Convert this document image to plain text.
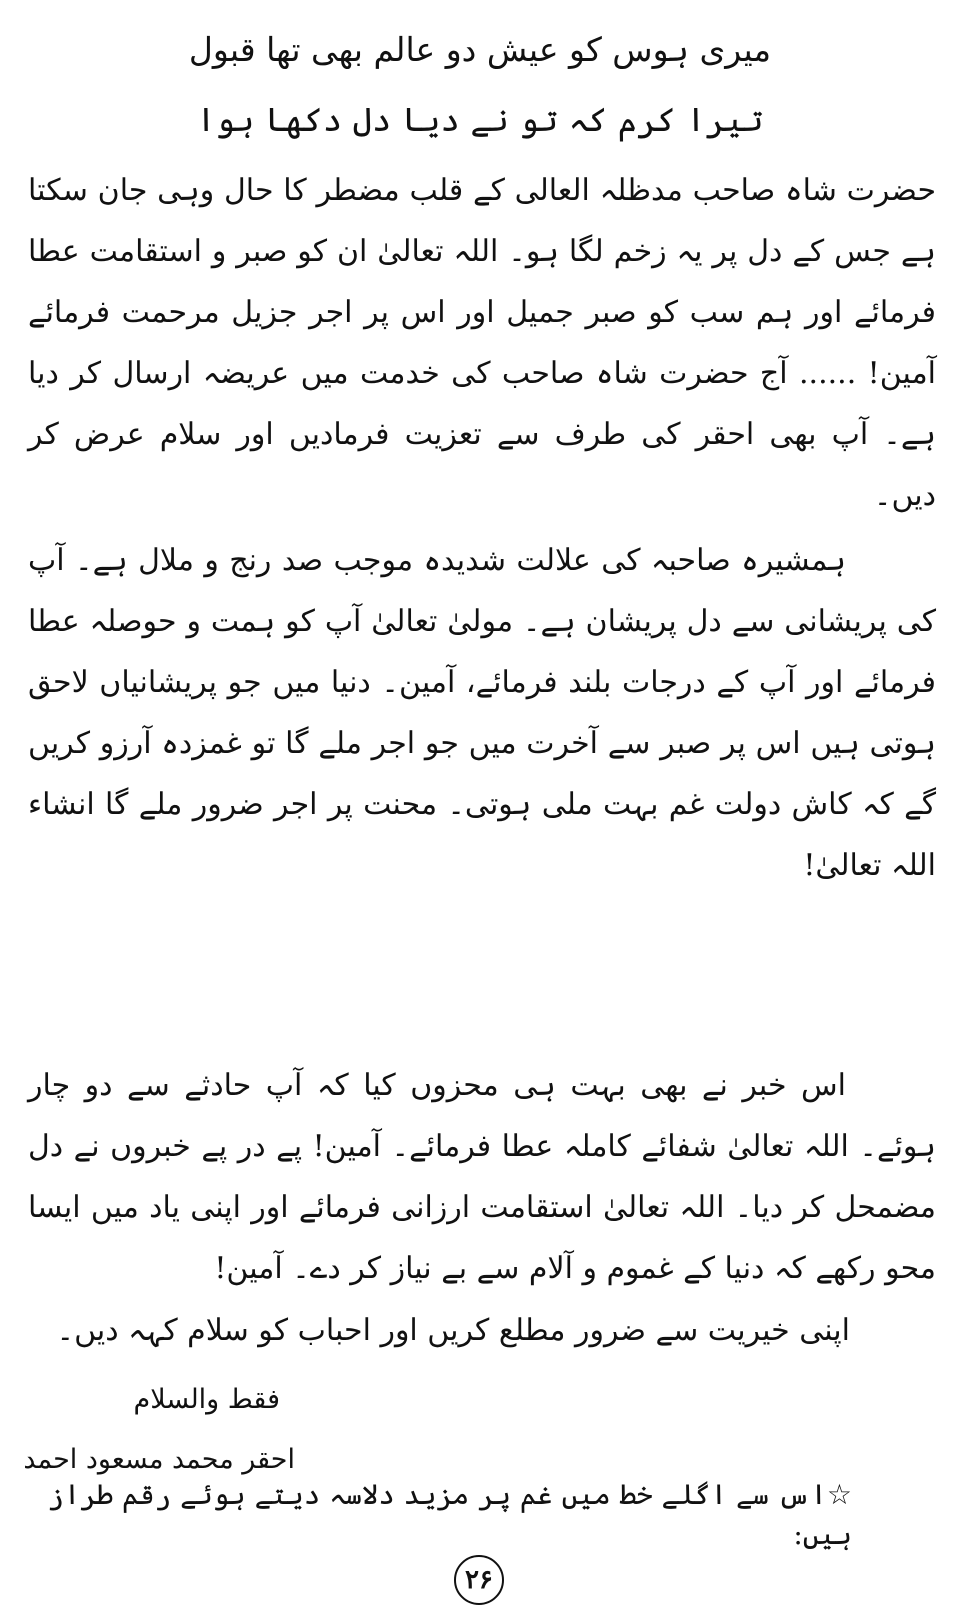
میری ہوس کو عیش دو عالم بھی تھا قبول
تیرا کرم کہ تو نے دیا دل دکھا ہوا
حضرت شاہ صاحب مدظلہ العالی کے قلب مضطر کا حال وہی جان سکتا ہے جس کے دل پر یہ زخم لگا ہو۔ اللہ تعالیٰ ان کو صبر و استقامت عطا فرمائے اور ہم سب کو صبر جمیل اور اس پر اجر جزیل مرحمت فرمائے آمین! ...... آج حضرت شاہ صاحب کی خدمت میں عریضہ ارسال کر دیا ہے۔ آپ بھی احقر کی طرف سے تعزیت فرمادیں اور سلام عرض کر دیں۔
ہمشیرہ صاحبہ کی علالت شدیدہ موجب صد رنج و ملال ہے۔ آپ کی پریشانی سے دل پریشان ہے۔ مولیٰ تعالیٰ آپ کو ہمت و حوصلہ عطا فرمائے اور آپ کے درجات بلند فرمائے، آمین۔ دنیا میں جو پریشانیاں لاحق ہوتی ہیں اس پر صبر سے آخرت میں جو اجر ملے گا تو غمزدہ آرزو کریں گے کہ کاش دولت غم بہت ملی ہوتی۔ محنت پر اجر ضرور ملے گا انشاء اللہ تعالیٰ!
اس خبر نے بھی بہت ہی محزوں کیا کہ آپ حادثے سے دو چار ہوئے۔ اللہ تعالیٰ شفائے کاملہ عطا فرمائے۔ آمین! پے در پے خبروں نے دل مضمحل کر دیا۔ اللہ تعالیٰ استقامت ارزانی فرمائے اور اپنی یاد میں ایسا محو رکھے کہ دنیا کے غموم و آلام سے بے نیاز کر دے۔ آمین!
اپنی خیریت سے ضرور مطلع کریں اور احباب کو سلام کہہ دیں۔
فقط والسلام
احقر محمد مسعود احمد
☆اس سے اگلے خط میں غم پر مزید دلاسہ دیتے ہوئے رقم طراز ہیں:
۲۶
